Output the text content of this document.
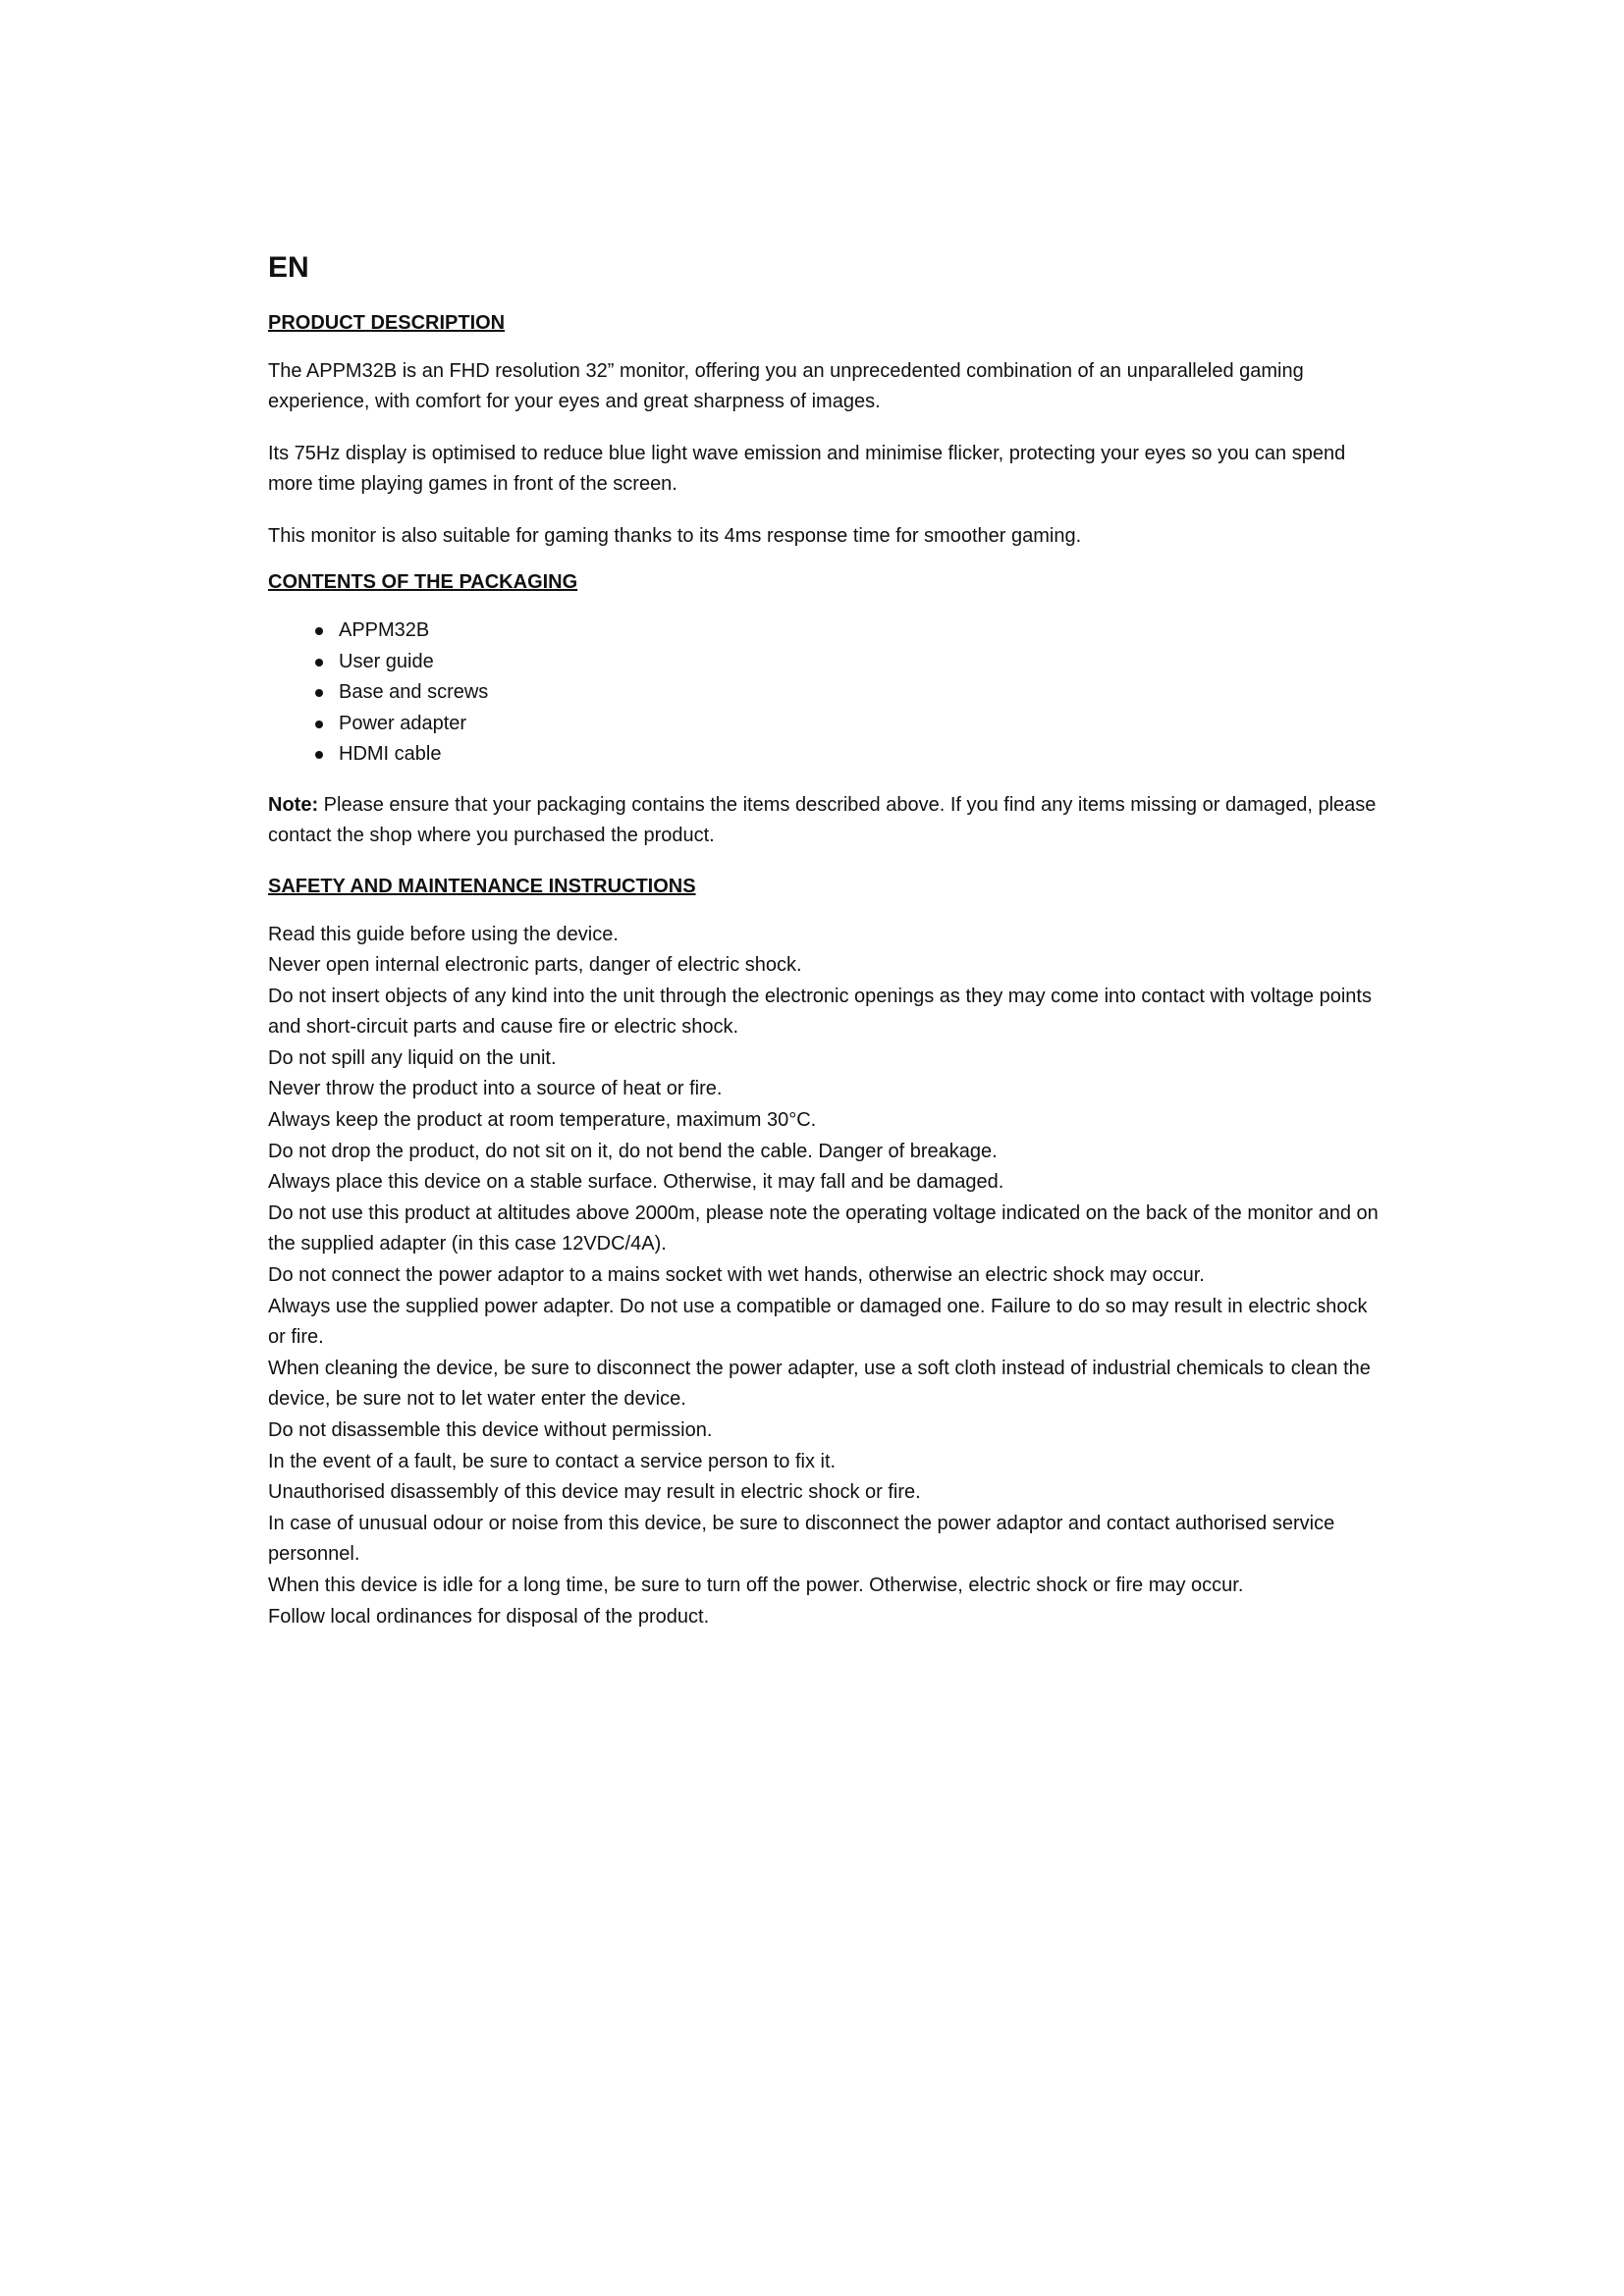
EN
PRODUCT DESCRIPTION

The APPM32B is an FHD resolution 32” monitor, offering you an unprecedented combination of an unparalleled gaming experience, with comfort for your eyes and great sharpness of images.

Its 75Hz display is optimised to reduce blue light wave emission and minimise flicker, protecting your eyes so you can spend more time playing games in front of the screen.

This monitor is also suitable for gaming thanks to its 4ms response time for smoother gaming.

CONTENTS OF THE PACKAGING
APPM32B
User guide
Base and screws
Power adapter
HDMI cable

Note: Please ensure that your packaging contains the items described above. If you find any items missing or damaged, please contact the shop where you purchased the product.

SAFETY AND MAINTENANCE INSTRUCTIONS

Read this guide before using the device.

Never open internal electronic parts, danger of electric shock.

Do not insert objects of any kind into the unit through the electronic openings as they may come into contact with voltage points and short-circuit parts and cause fire or electric shock.

Do not spill any liquid on the unit.

Never throw the product into a source of heat or fire.

Always keep the product at room temperature, maximum 30°C.

Do not drop the product, do not sit on it, do not bend the cable. Danger of breakage.

Always place this device on a stable surface. Otherwise, it may fall and be damaged.

Do not use this product at altitudes above 2000m, please note the operating voltage indicated on the back of the monitor and on the supplied adapter (in this case 12VDC/4A).

Do not connect the power adaptor to a mains socket with wet hands, otherwise an electric shock may occur.

Always use the supplied power adapter. Do not use a compatible or damaged one. Failure to do so may result in electric shock or fire.

When cleaning the device, be sure to disconnect the power adapter, use a soft cloth instead of industrial chemicals to clean the device, be sure not to let water enter the device.

Do not disassemble this device without permission.

In the event of a fault, be sure to contact a service person to fix it.

Unauthorised disassembly of this device may result in electric shock or fire.

In case of unusual odour or noise from this device, be sure to disconnect the power adaptor and contact authorised service personnel.

When this device is idle for a long time, be sure to turn off the power. Otherwise, electric shock or fire may occur.

Follow local ordinances for disposal of the product.
